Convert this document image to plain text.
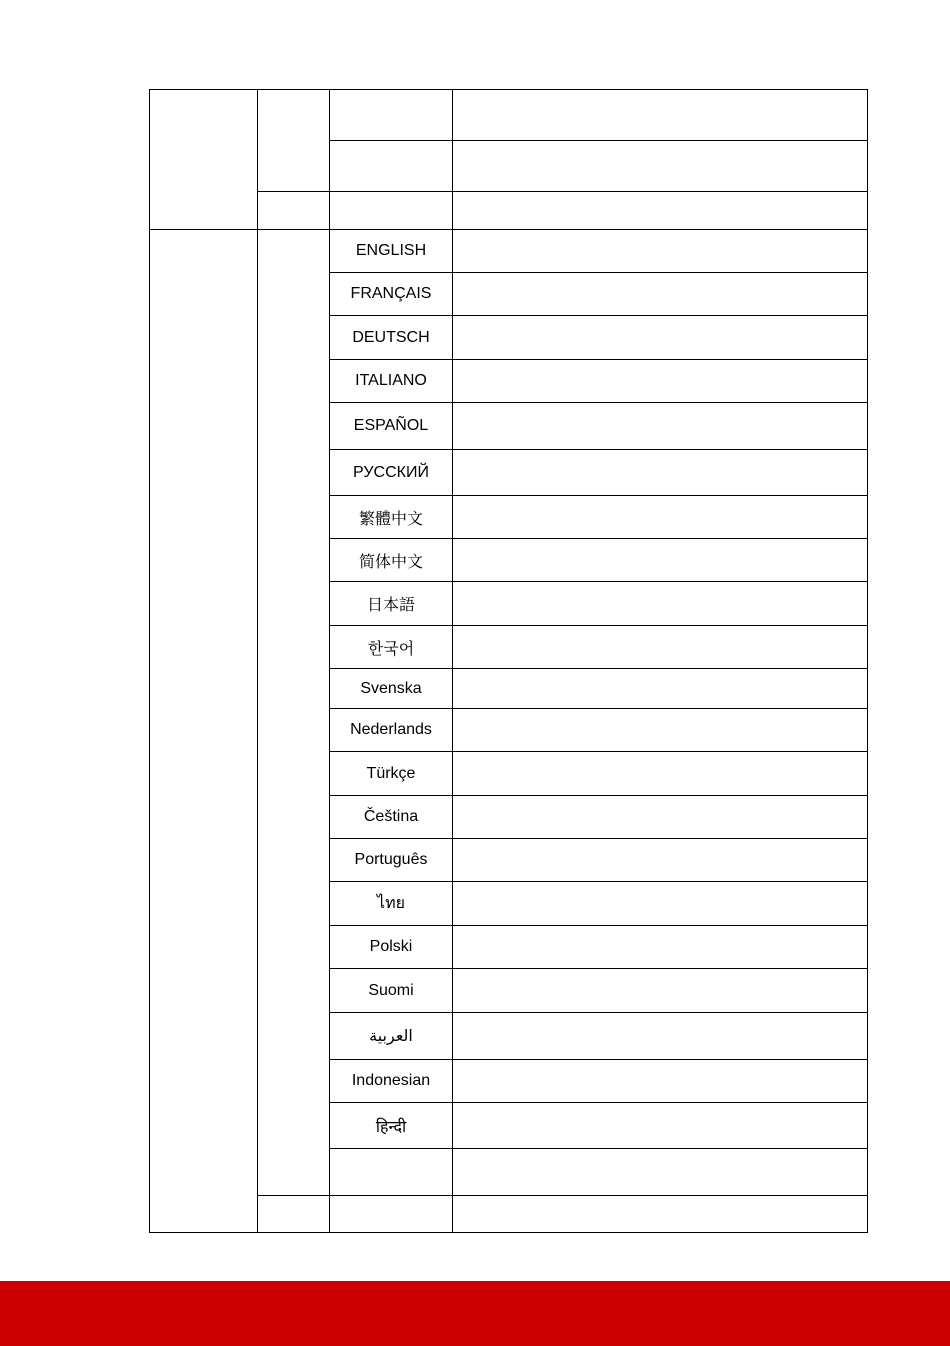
		ENGLISH	
		FRANÇAIS	
		DEUTSCH	
		ITALIANO	
		ESPAÑOL	
		РУССКИЙ	
		繁體中文	
		简体中文	
		日本語	
		한국어	
		Svenska	
		Nederlands	
		Türkçe	
		Čeština	
		Português	
		ไทย	
		Polski	
		Suomi	
		العربية	
		Indonesian	
		हिन्दी	
